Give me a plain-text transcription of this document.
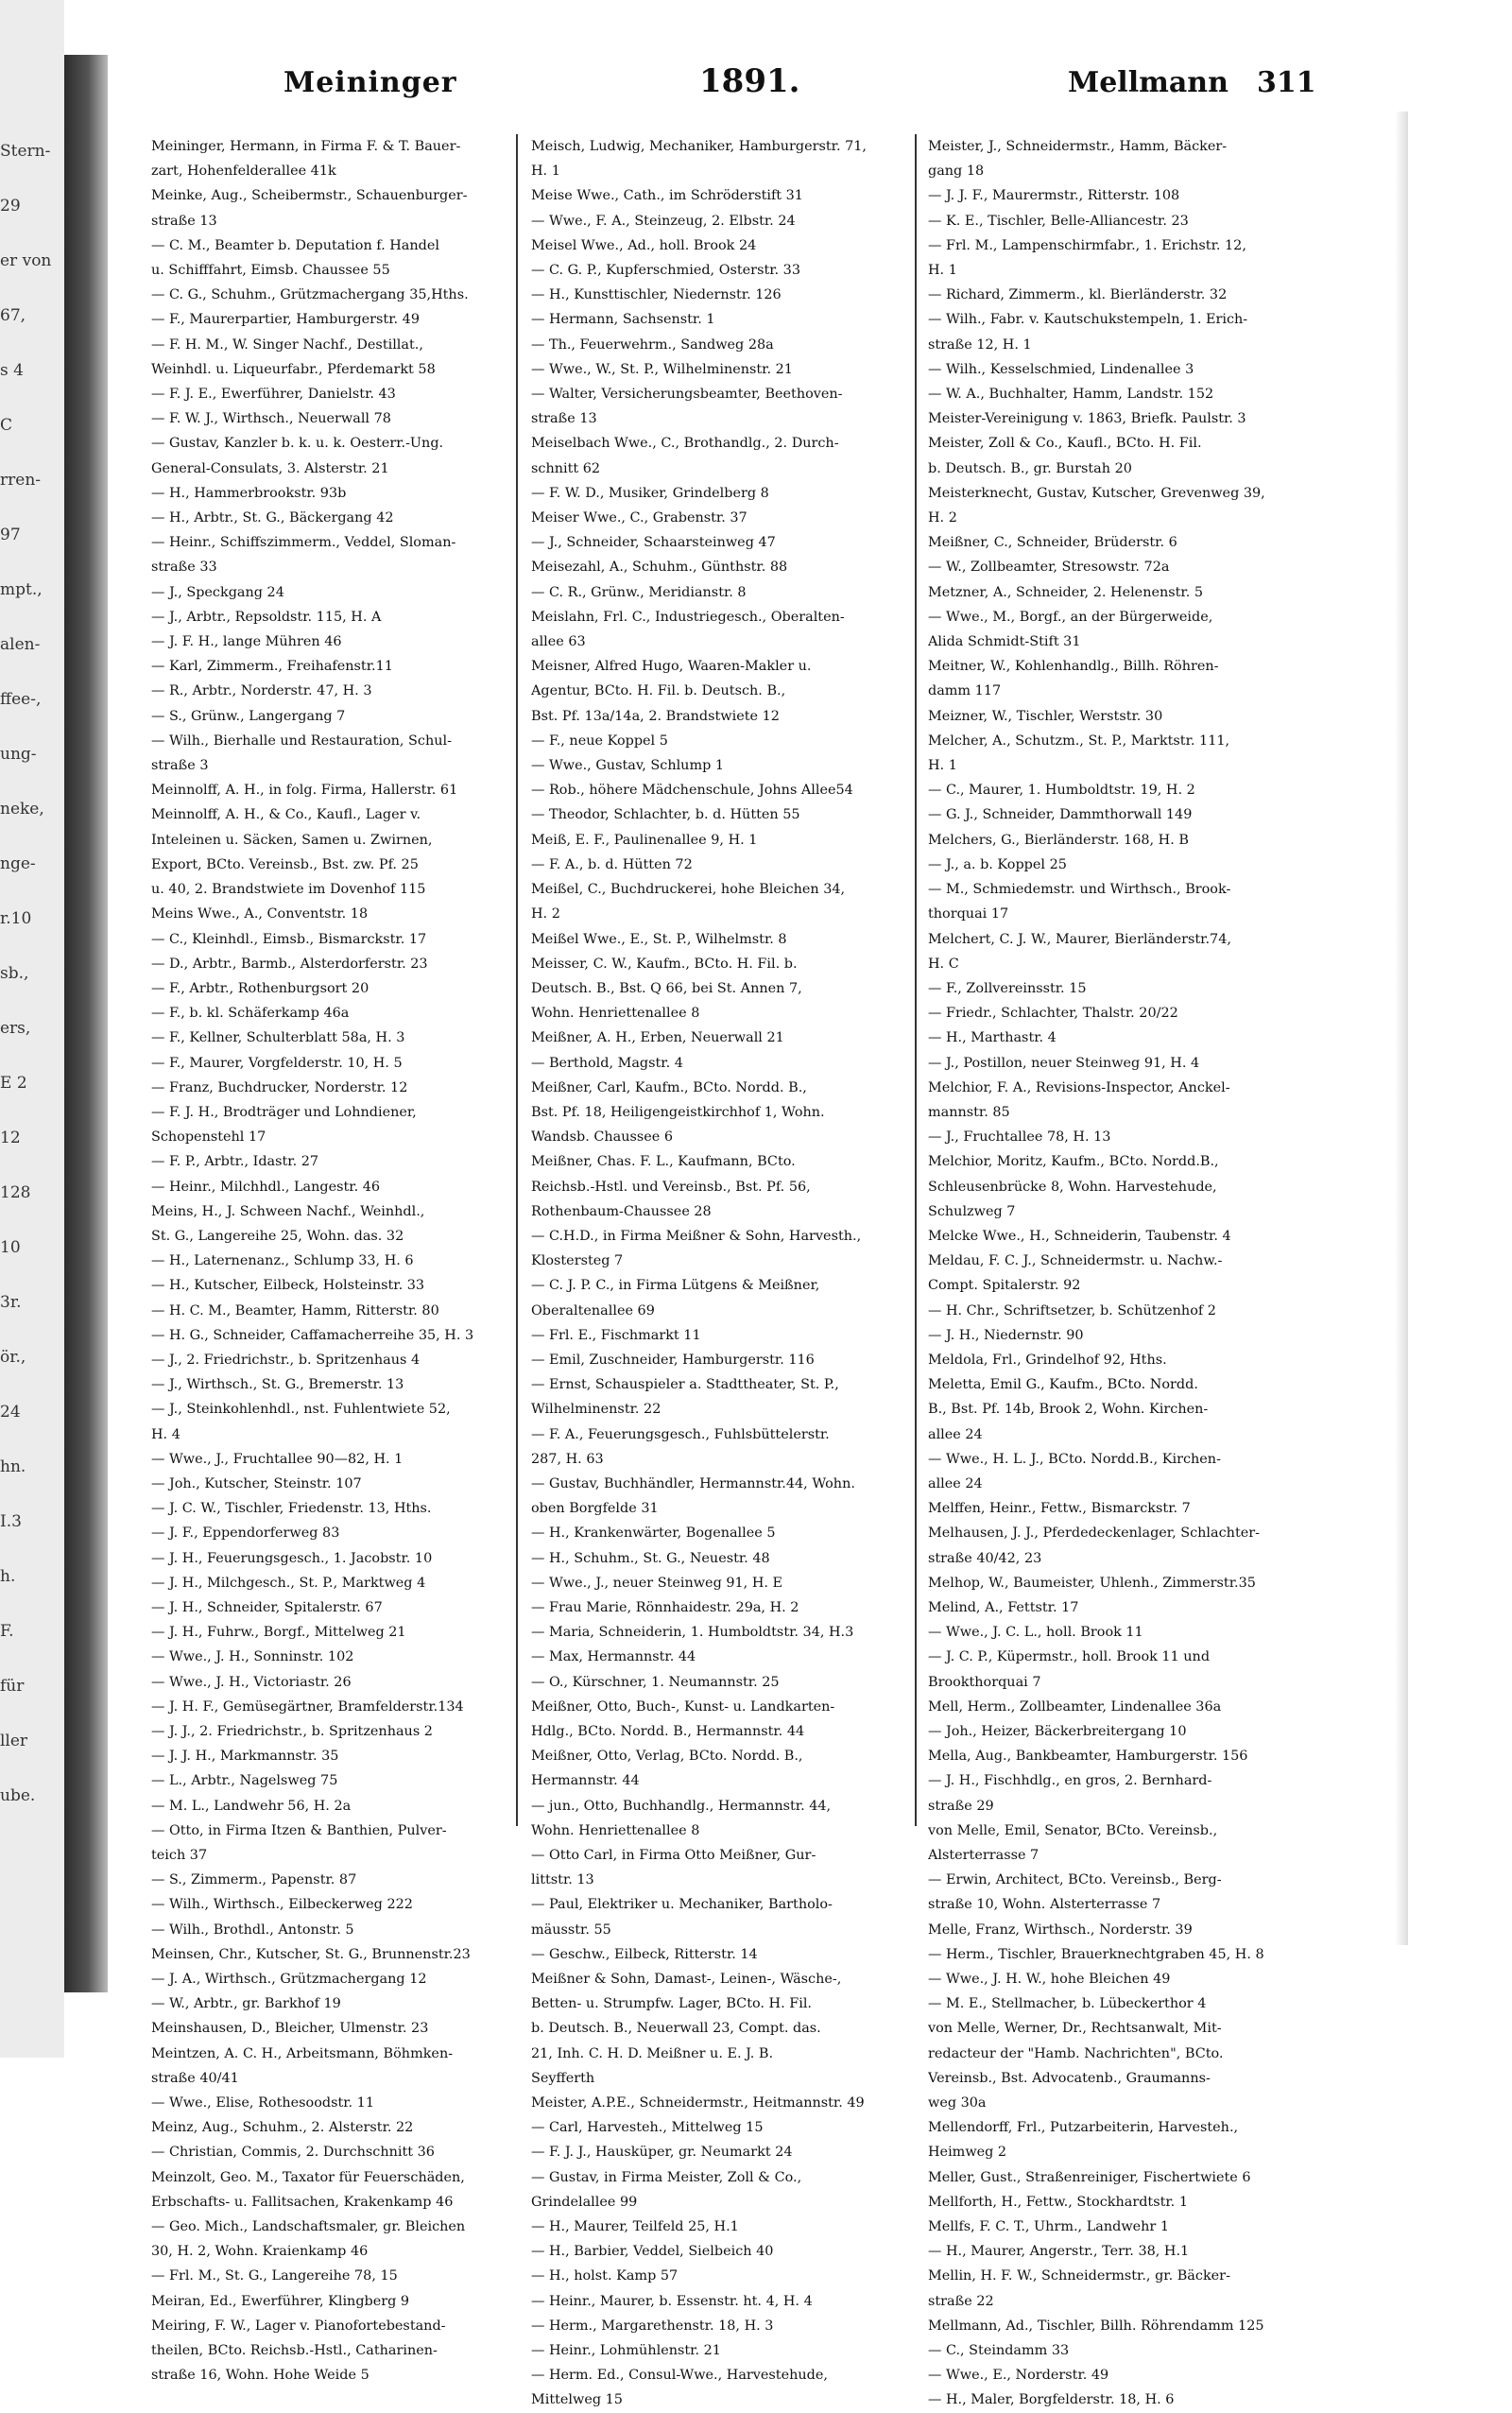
Stern-
29
er von
67,
s 4
C
rren-
97
mpt.,
alen-
ffee-,
ung-
neke,
nge-
r.10
sb.,
ers,
E 2
12
128
10
3r.
ör.,
24
hn.
I.3
h.
F.
für
ller
ube.
Meininger	1891.	Mellmann 311
Meininger, Hermann, in Firma F. & T. Bauer-
zart, Hohenfelderallee 41k
Meinke, Aug., Scheibermstr., Schauenburger-
straße 13
— C. M., Beamter b. Deputation f. Handel
u. Schifffahrt, Eimsb. Chaussee 55
— C. G., Schuhm., Grützmachergang 35,Hths.
— F., Maurerpartier, Hamburgerstr. 49
— F. H. M., W. Singer Nachf., Destillat.,
Weinhdl. u. Liqueurfabr., Pferdemarkt 58
— F. J. E., Ewerführer, Danielstr. 43
— F. W. J., Wirthsch., Neuerwall 78
— Gustav, Kanzler b. k. u. k. Oesterr.-Ung.
General-Consulats, 3. Alsterstr. 21
— H., Hammerbrookstr. 93b
— H., Arbtr., St. G., Bäckergang 42
— Heinr., Schiffszimmerm., Veddel, Sloman-
straße 33
— J., Speckgang 24
— J., Arbtr., Repsoldstr. 115, H. A
— J. F. H., lange Mühren 46
— Karl, Zimmerm., Freihafenstr.11
— R., Arbtr., Norderstr. 47, H. 3
— S., Grünw., Langergang 7
— Wilh., Bierhalle und Restauration, Schul-
straße 3
Meinnolff, A. H., in folg. Firma, Hallerstr. 61
Meinnolff, A. H., & Co., Kaufl., Lager v.
Inteleinen u. Säcken, Samen u. Zwirnen,
Export, BCto. Vereinsb., Bst. zw. Pf. 25
u. 40, 2. Brandstwiete im Dovenhof 115
Meins Wwe., A., Conventstr. 18
— C., Kleinhdl., Eimsb., Bismarckstr. 17
— D., Arbtr., Barmb., Alsterdorferstr. 23
— F., Arbtr., Rothenburgsort 20
— F., b. kl. Schäferkamp 46a
— F., Kellner, Schulterblatt 58a, H. 3
— F., Maurer, Vorgfelderstr. 10, H. 5
— Franz, Buchdrucker, Norderstr. 12
— F. J. H., Brodträger und Lohndiener,
Schopenstehl 17
— F. P., Arbtr., Idastr. 27
— Heinr., Milchhdl., Langestr. 46
Meins, H., J. Schween Nachf., Weinhdl.,
St. G., Langereihe 25, Wohn. das. 32
— H., Laternenanz., Schlump 33, H. 6
— H., Kutscher, Eilbeck, Holsteinstr. 33
— H. C. M., Beamter, Hamm, Ritterstr. 80
— H. G., Schneider, Caffamacherreihe 35, H. 3
— J., 2. Friedrichstr., b. Spritzenhaus 4
— J., Wirthsch., St. G., Bremerstr. 13
— J., Steinkohlenhdl., nst. Fuhlentwiete 52,
H. 4
— Wwe., J., Fruchtallee 90—82, H. 1
— Joh., Kutscher, Steinstr. 107
— J. C. W., Tischler, Friedenstr. 13, Hths.
— J. F., Eppendorferweg 83
— J. H., Feuerungsgesch., 1. Jacobstr. 10
— J. H., Milchgesch., St. P., Marktweg 4
— J. H., Schneider, Spitalerstr. 67
— J. H., Fuhrw., Borgf., Mittelweg 21
— Wwe., J. H., Sonninstr. 102
— Wwe., J. H., Victoriastr. 26
— J. H. F., Gemüsegärtner, Bramfelderstr.134
— J. J., 2. Friedrichstr., b. Spritzenhaus 2
— J. J. H., Markmannstr. 35
— L., Arbtr., Nagelsweg 75
— M. L., Landwehr 56, H. 2a
— Otto, in Firma Itzen & Banthien, Pulver-
teich 37
— S., Zimmerm., Papenstr. 87
— Wilh., Wirthsch., Eilbeckerweg 222
— Wilh., Brothdl., Antonstr. 5
Meinsen, Chr., Kutscher, St. G., Brunnenstr.23
— J. A., Wirthsch., Grützmachergang 12
— W., Arbtr., gr. Barkhof 19
Meinshausen, D., Bleicher, Ulmenstr. 23
Meintzen, A. C. H., Arbeitsmann, Böhmken-
straße 40/41
— Wwe., Elise, Rothesoodstr. 11
Meinz, Aug., Schuhm., 2. Alsterstr. 22
— Christian, Commis, 2. Durchschnitt 36
Meinzolt, Geo. M., Taxator für Feuerschäden,
Erbschafts- u. Fallitsachen, Krakenkamp 46
— Geo. Mich., Landschaftsmaler, gr. Bleichen
30, H. 2, Wohn. Kraienkamp 46
— Frl. M., St. G., Langereihe 78, 15
Meiran, Ed., Ewerführer, Klingberg 9
Meiring, F. W., Lager v. Pianofortebestand-
theilen, BCto. Reichsb.-Hstl., Catharinen-
straße 16, Wohn. Hohe Weide 5
Meisch, Ludwig, Mechaniker, Hamburgerstr. 71,
H. 1
Meise Wwe., Cath., im Schröderstift 31
— Wwe., F. A., Steinzeug, 2. Elbstr. 24
Meisel Wwe., Ad., holl. Brook 24
— C. G. P., Kupferschmied, Osterstr. 33
— H., Kunsttischler, Niedernstr. 126
— Hermann, Sachsenstr. 1
— Th., Feuerwehrm., Sandweg 28a
— Wwe., W., St. P., Wilhelminenstr. 21
— Walter, Versicherungsbeamter, Beethoven-
straße 13
Meiselbach Wwe., C., Brothandlg., 2. Durch-
schnitt 62
— F. W. D., Musiker, Grindelberg 8
Meiser Wwe., C., Grabenstr. 37
— J., Schneider, Schaarsteinweg 47
Meisezahl, A., Schuhm., Günthstr. 88
— C. R., Grünw., Meridianstr. 8
Meislahn, Frl. C., Industriegesch., Oberalten-
allee 63
Meisner, Alfred Hugo, Waaren-Makler u.
Agentur, BCto. H. Fil. b. Deutsch. B.,
Bst. Pf. 13a/14a, 2. Brandstwiete 12
— F., neue Koppel 5
— Wwe., Gustav, Schlump 1
— Rob., höhere Mädchenschule, Johns Allee54
— Theodor, Schlachter, b. d. Hütten 55
Meiß, E. F., Paulinenallee 9, H. 1
— F. A., b. d. Hütten 72
Meißel, C., Buchdruckerei, hohe Bleichen 34,
H. 2
Meißel Wwe., E., St. P., Wilhelmstr. 8
Meisser, C. W., Kaufm., BCto. H. Fil. b.
Deutsch. B., Bst. Q 66, bei St. Annen 7,
Wohn. Henriettenallee 8
Meißner, A. H., Erben, Neuerwall 21
— Berthold, Magstr. 4
Meißner, Carl, Kaufm., BCto. Nordd. B.,
Bst. Pf. 18, Heiligengeistkirchhof 1, Wohn.
Wandsb. Chaussee 6
Meißner, Chas. F. L., Kaufmann, BCto.
Reichsb.-Hstl. und Vereinsb., Bst. Pf. 56,
Rothenbaum-Chaussee 28
— C.H.D., in Firma Meißner & Sohn, Harvesth.,
Klostersteg 7
— C. J. P. C., in Firma Lütgens & Meißner,
Oberaltenallee 69
— Frl. E., Fischmarkt 11
— Emil, Zuschneider, Hamburgerstr. 116
— Ernst, Schauspieler a. Stadttheater, St. P.,
Wilhelminenstr. 22
— F. A., Feuerungsgesch., Fuhlsbüttelerstr.
287, H. 63
— Gustav, Buchhändler, Hermannstr.44, Wohn.
oben Borgfelde 31
— H., Krankenwärter, Bogenallee 5
— H., Schuhm., St. G., Neuestr. 48
— Wwe., J., neuer Steinweg 91, H. E
— Frau Marie, Rönnhaidestr. 29a, H. 2
— Maria, Schneiderin, 1. Humboldtstr. 34, H.3
— Max, Hermannstr. 44
— O., Kürschner, 1. Neumannstr. 25
Meißner, Otto, Buch-, Kunst- u. Landkarten-
Hdlg., BCto. Nordd. B., Hermannstr. 44
Meißner, Otto, Verlag, BCto. Nordd. B.,
Hermannstr. 44
— jun., Otto, Buchhandlg., Hermannstr. 44,
Wohn. Henriettenallee 8
— Otto Carl, in Firma Otto Meißner, Gur-
littstr. 13
— Paul, Elektriker u. Mechaniker, Bartholo-
mäusstr. 55
— Geschw., Eilbeck, Ritterstr. 14
Meißner & Sohn, Damast-, Leinen-, Wäsche-,
Betten- u. Strumpfw. Lager, BCto. H. Fil.
b. Deutsch. B., Neuerwall 23, Compt. das.
21, Inh. C. H. D. Meißner u. E. J. B.
Seyfferth
Meister, A.P.E., Schneidermstr., Heitmannstr. 49
— Carl, Harvesteh., Mittelweg 15
— F. J. J., Hausküper, gr. Neumarkt 24
— Gustav, in Firma Meister, Zoll & Co.,
Grindelallee 99
— H., Maurer, Teilfeld 25, H.1
— H., Barbier, Veddel, Sielbeich 40
— H., holst. Kamp 57
— Heinr., Maurer, b. Essenstr. ht. 4, H. 4
— Herm., Margarethenstr. 18, H. 3
— Heinr., Lohmühlenstr. 21
— Herm. Ed., Consul-Wwe., Harvestehude,
Mittelweg 15
Meister, J., Schneidermstr., Hamm, Bäcker-
gang 18
— J. J. F., Maurermstr., Ritterstr. 108
— K. E., Tischler, Belle-Alliancestr. 23
— Frl. M., Lampenschirmfabr., 1. Erichstr. 12,
H. 1
— Richard, Zimmerm., kl. Bierländerstr. 32
— Wilh., Fabr. v. Kautschukstempeln, 1. Erich-
straße 12, H. 1
— Wilh., Kesselschmied, Lindenallee 3
— W. A., Buchhalter, Hamm, Landstr. 152
Meister-Vereinigung v. 1863, Briefk. Paulstr. 3
Meister, Zoll & Co., Kaufl., BCto. H. Fil.
b. Deutsch. B., gr. Burstah 20
Meisterknecht, Gustav, Kutscher, Grevenweg 39,
H. 2
Meißner, C., Schneider, Brüderstr. 6
— W., Zollbeamter, Stresowstr. 72a
Metzner, A., Schneider, 2. Helenenstr. 5
— Wwe., M., Borgf., an der Bürgerweide,
Alida Schmidt-Stift 31
Meitner, W., Kohlenhandlg., Billh. Röhren-
damm 117
Meizner, W., Tischler, Werststr. 30
Melcher, A., Schutzm., St. P., Marktstr. 111,
H. 1
— C., Maurer, 1. Humboldtstr. 19, H. 2
— G. J., Schneider, Dammthorwall 149
Melchers, G., Bierländerstr. 168, H. B
— J., a. b. Koppel 25
— M., Schmiedemstr. und Wirthsch., Brook-
thorquai 17
Melchert, C. J. W., Maurer, Bierländerstr.74,
H. C
— F., Zollvereinsstr. 15
— Friedr., Schlachter, Thalstr. 20/22
— H., Marthastr. 4
— J., Postillon, neuer Steinweg 91, H. 4
Melchior, F. A., Revisions-Inspector, Anckel-
mannstr. 85
— J., Fruchtallee 78, H. 13
Melchior, Moritz, Kaufm., BCto. Nordd.B.,
Schleusenbrücke 8, Wohn. Harvestehude,
Schulzweg 7
Melcke Wwe., H., Schneiderin, Taubenstr. 4
Meldau, F. C. J., Schneidermstr. u. Nachw.-
Compt. Spitalerstr. 92
— H. Chr., Schriftsetzer, b. Schützenhof 2
— J. H., Niedernstr. 90
Meldola, Frl., Grindelhof 92, Hths.
Meletta, Emil G., Kaufm., BCto. Nordd.
B., Bst. Pf. 14b, Brook 2, Wohn. Kirchen-
allee 24
— Wwe., H. L. J., BCto. Nordd.B., Kirchen-
allee 24
Melffen, Heinr., Fettw., Bismarckstr. 7
Melhausen, J. J., Pferdedeckenlager, Schlachter-
straße 40/42, 23
Melhop, W., Baumeister, Uhlenh., Zimmerstr.35
Melind, A., Fettstr. 17
— Wwe., J. C. L., holl. Brook 11
— J. C. P., Küpermstr., holl. Brook 11 und
Brookthorquai 7
Mell, Herm., Zollbeamter, Lindenallee 36a
— Joh., Heizer, Bäckerbreitergang 10
Mella, Aug., Bankbeamter, Hamburgerstr. 156
— J. H., Fischhdlg., en gros, 2. Bernhard-
straße 29
von Melle, Emil, Senator, BCto. Vereinsb.,
Alsterterrasse 7
— Erwin, Architect, BCto. Vereinsb., Berg-
straße 10, Wohn. Alsterterrasse 7
Melle, Franz, Wirthsch., Norderstr. 39
— Herm., Tischler, Brauerknechtgraben 45, H. 8
— Wwe., J. H. W., hohe Bleichen 49
— M. E., Stellmacher, b. Lübeckerthor 4
von Melle, Werner, Dr., Rechtsanwalt, Mit-
redacteur der "Hamb. Nachrichten", BCto.
Vereinsb., Bst. Advocatenb., Graumanns-
weg 30a
Mellendorff, Frl., Putzarbeiterin, Harvesteh.,
Heimweg 2
Meller, Gust., Straßenreiniger, Fischertwiete 6
Mellforth, H., Fettw., Stockhardtstr. 1
Mellfs, F. C. T., Uhrm., Landwehr 1
— H., Maurer, Angerstr., Terr. 38, H.1
Mellin, H. F. W., Schneidermstr., gr. Bäcker-
straße 22
Mellmann, Ad., Tischler, Billh. Röhrendamm 125
— C., Steindamm 33
— Wwe., E., Norderstr. 49
— H., Maler, Borgfelderstr. 18, H. 6
